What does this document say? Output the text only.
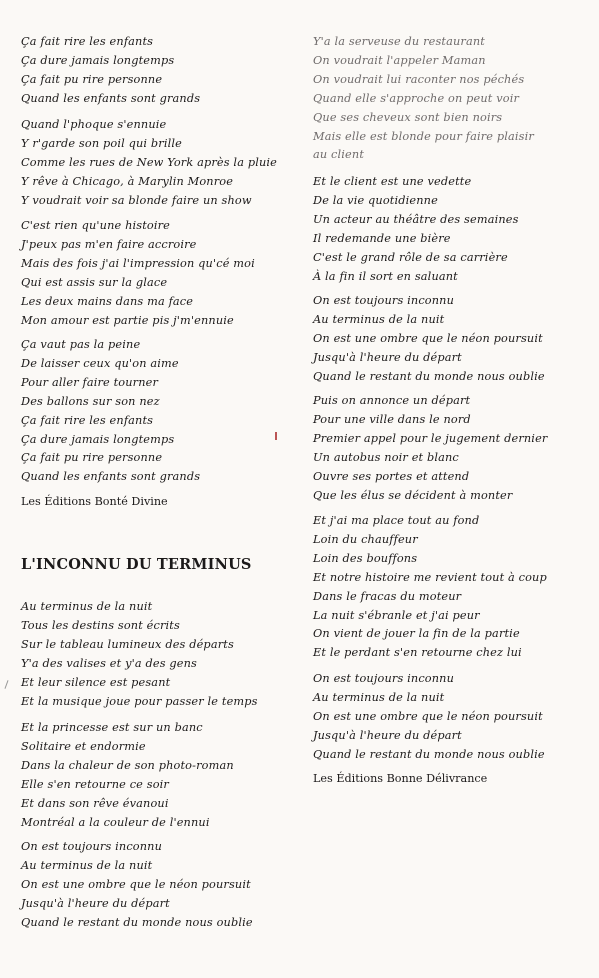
Ça fait rire les enfants
Ça dure jamais longtemps
Ça fait pu rire personne
Quand les enfants sont grands
Quand l'phoque s'ennuie
Y r'garde son poil qui brille
Comme les rues de New York après la pluie
Y rêve à Chicago, à Marylin Monroe
Y voudrait voir sa blonde faire un show
C'est rien qu'une histoire
J'peux pas m'en faire accroire
Mais des fois j'ai l'impression qu'cé moi
Qui est assis sur la glace
Les deux mains dans ma face
Mon amour est partie pis j'm'ennuie
Ça vaut pas la peine
De laisser ceux qu'on aime
Pour aller faire tourner
Des ballons sur son nez
Ça fait rire les enfants
Ça dure jamais longtemps
Ça fait pu rire personne
Quand les enfants sont grands
Les Éditions Bonté Divine
L'INCONNU DU TERMINUS
Au terminus de la nuit
Tous les destins sont écrits
Sur le tableau lumineux des départs
Y'a des valises et y'a des gens
Et leur silence est pesant
Et la musique joue pour passer le temps
Et la princesse est sur un banc
Solitaire et endormie
Dans la chaleur de son photo-roman
Elle s'en retourne ce soir
Et dans son rêve évanoui
Montréal a la couleur de l'ennui
On est toujours inconnu
Au terminus de la nuit
On est une ombre que le néon poursuit
Jusqu'à l'heure du départ
Quand le restant du monde nous oublie
Y'a la serveuse du restaurant
On voudrait l'appeler Maman
On voudrait lui raconter nos péchés
Quand elle s'approche on peut voir
Que ses cheveux sont bien noirs
Mais elle est blonde pour faire plaisir
au client
Et le client est une vedette
De la vie quotidienne
Un acteur au théâtre des semaines
Il redemande une bière
C'est le grand rôle de sa carrière
À la fin il sort en saluant
On est toujours inconnu
Au terminus de la nuit
On est une ombre que le néon poursuit
Jusqu'à l'heure du départ
Quand le restant du monde nous oublie
Puis on annonce un départ
Pour une ville dans le nord
Premier appel pour le jugement dernier
Un autobus noir et blanc
Ouvre ses portes et attend
Que les élus se décident à monter
Et j'ai ma place tout au fond
Loin du chauffeur
Loin des bouffons
Et notre histoire me revient tout à coup
Dans le fracas du moteur
La nuit s'ébranle et j'ai peur
On vient de jouer la fin de la partie
Et le perdant s'en retourne chez lui
On est toujours inconnu
Au terminus de la nuit
On est une ombre que le néon poursuit
Jusqu'à l'heure du départ
Quand le restant du monde nous oublie
Les Éditions Bonne Délivrance
